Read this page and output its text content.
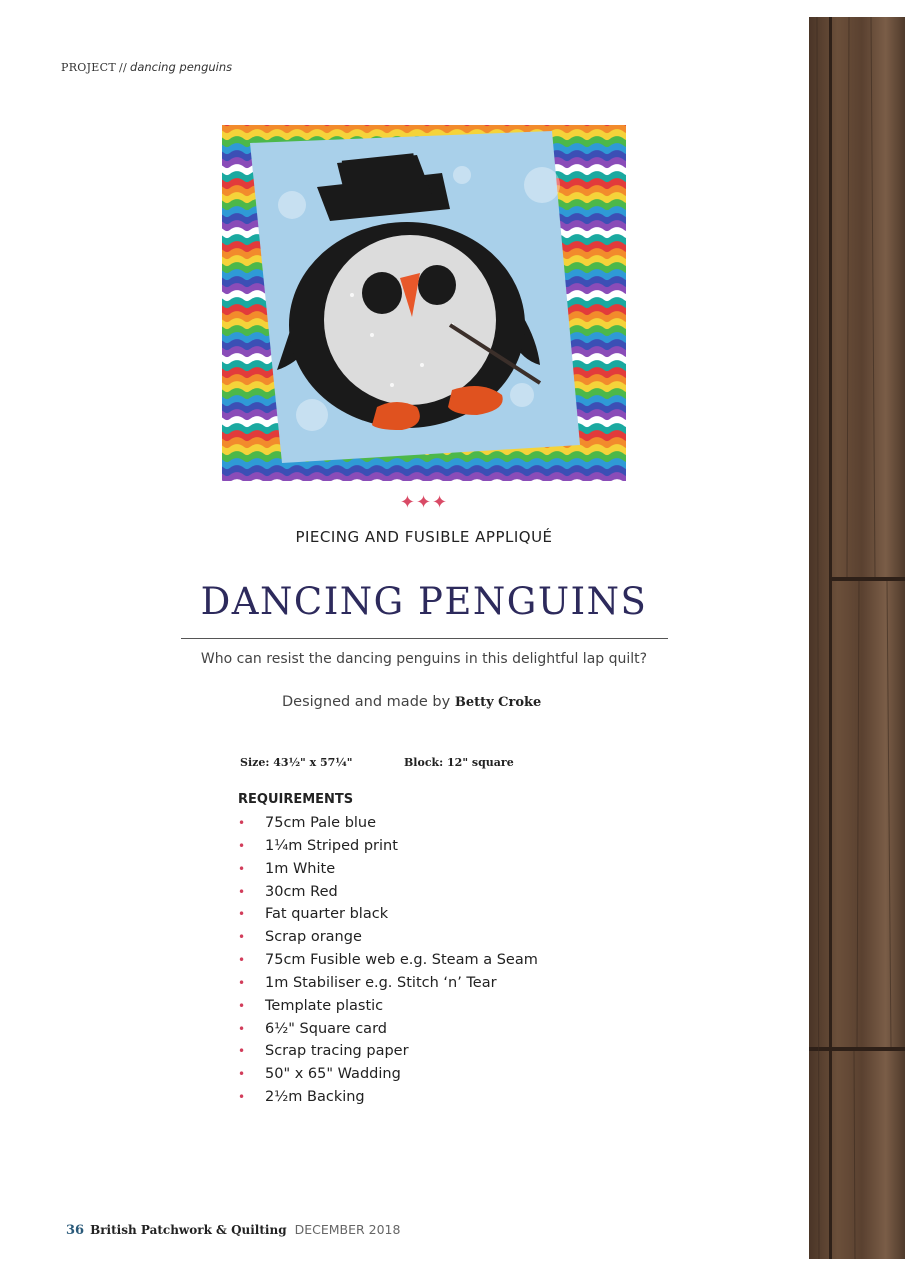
PROJECT // dancing penguins
✦✦✦
PIECING AND FUSIBLE APPLIQUÉ
DANCING PENGUINS
Who can resist the dancing penguins in this delightful lap quilt?
Designed and made by Betty Croke
Size: 43½" x 57¼"	Block: 12" square
REQUIREMENTS
• 75cm Pale blue
• 1¼m Striped print
• 1m White
• 30cm Red
• Fat quarter black
• Scrap orange
• 75cm Fusible web e.g. Steam a Seam
• 1m Stabiliser e.g. Stitch ‘n’ Tear
• Template plastic
• 6½" Square card
• Scrap tracing paper
• 50" x 65" Wadding
• 2½m Backing
36 British Patchwork & Quilting DECEMBER 2018
